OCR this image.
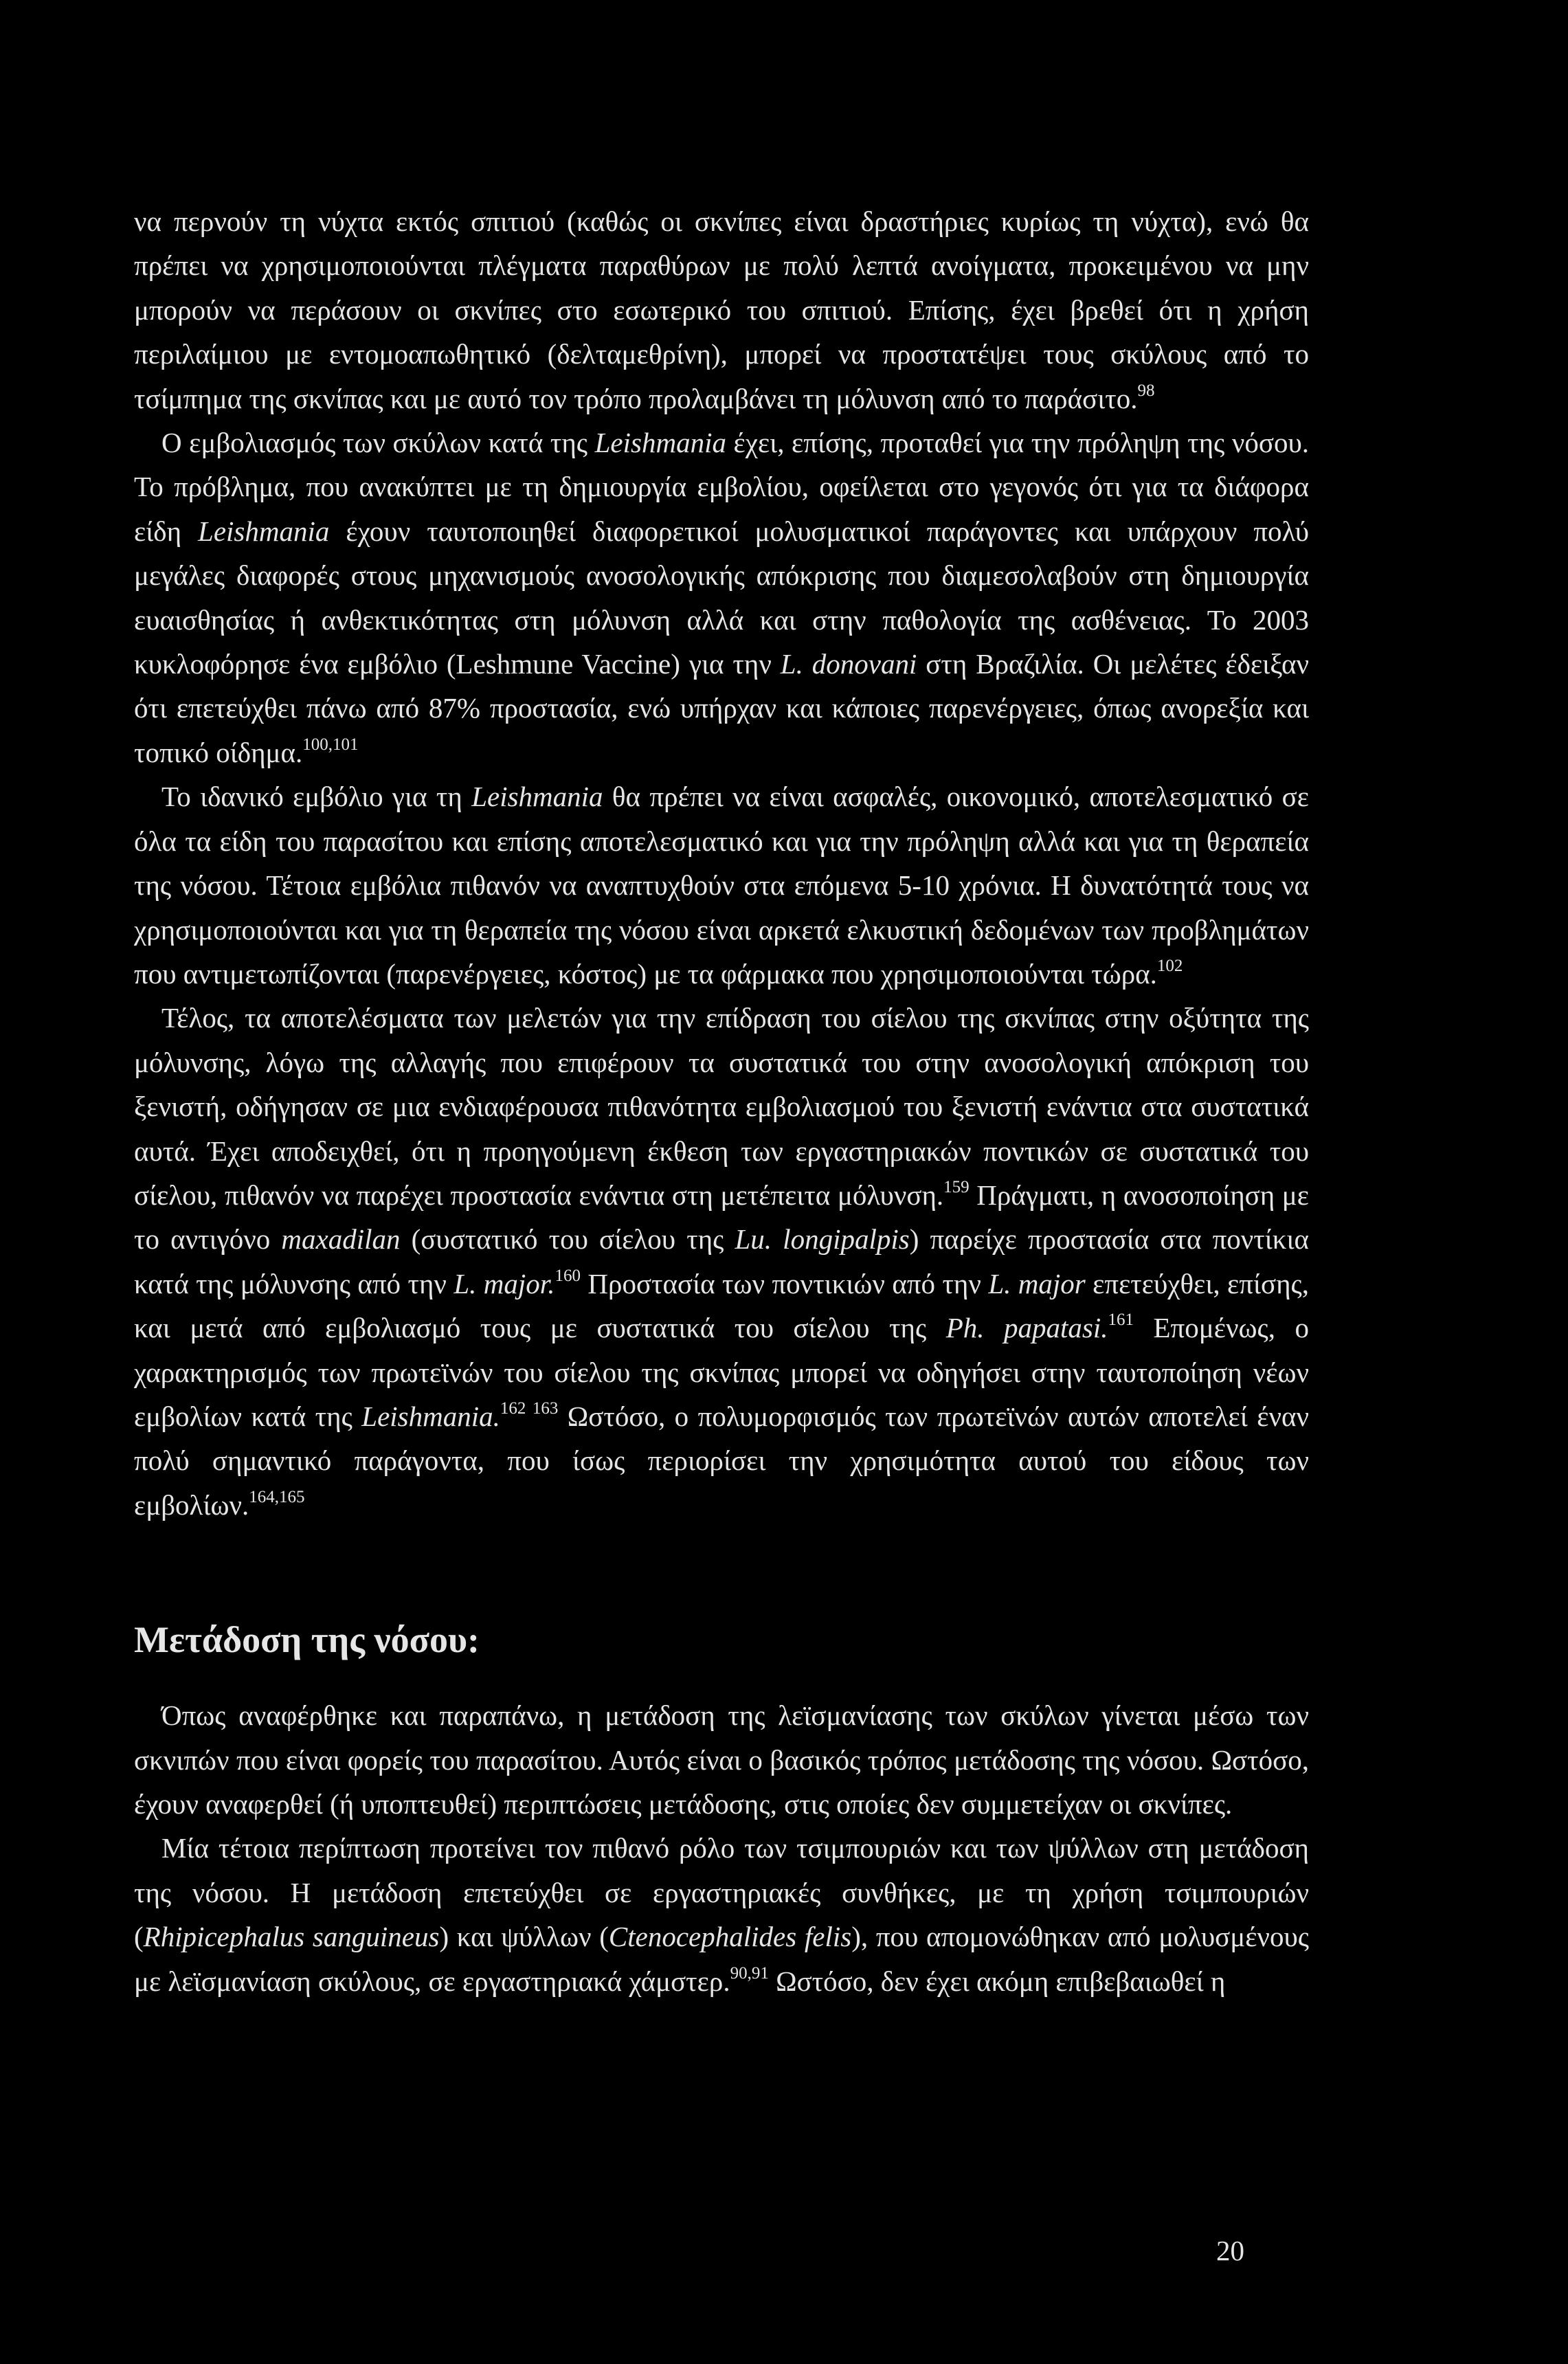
να περνούν τη νύχτα εκτός σπιτιού (καθώς οι σκνίπες είναι δραστήριες κυρίως τη νύχτα), ενώ θα πρέπει να χρησιμοποιούνται πλέγματα παραθύρων με πολύ λεπτά ανοίγματα, προκειμένου να μην μπορούν να περάσουν οι σκνίπες στο εσωτερικό του σπιτιού. Επίσης, έχει βρεθεί ότι η χρήση περιλαίμιου με εντομοαπωθητικό (δελταμεθρίνη), μπορεί να προστατέψει τους σκύλους από το τσίμπημα της σκνίπας και με αυτό τον τρόπο προλαμβάνει τη μόλυνση από το παράσιτο.$^{98}$

Ο εμβολιασμός των σκύλων κατά της Leishmania έχει, επίσης, προταθεί για την πρόληψη της νόσου. Το πρόβλημα, που ανακύπτει με τη δημιουργία εμβολίου, οφείλεται στο γεγονός ότι για τα διάφορα είδη Leishmania έχουν ταυτοποιηθεί διαφορετικοί μολυσματικοί παράγοντες και υπάρχουν πολύ μεγάλες διαφορές στους μηχανισμούς ανοσολογικής απόκρισης που διαμεσολαβούν στη δημιουργία ευαισθησίας ή ανθεκτικότητας στη μόλυνση αλλά και στην παθολογία της ασθένειας. Το 2003 κυκλοφόρησε ένα εμβόλιο (Leshmune Vaccine) για την L. donovani στη Βραζιλία. Οι μελέτες έδειξαν ότι επετεύχθει πάνω από 87% προστασία, ενώ υπήρχαν και κάποιες παρενέργειες, όπως ανορεξία και τοπικό οίδημα.$^{100,101}$

Το ιδανικό εμβόλιο για τη Leishmania θα πρέπει να είναι ασφαλές, οικονομικό, αποτελεσματικό σε όλα τα είδη του παρασίτου και επίσης αποτελεσματικό και για την πρόληψη αλλά και για τη θεραπεία της νόσου. Τέτοια εμβόλια πιθανόν να αναπτυχθούν στα επόμενα 5-10 χρόνια. Η δυνατότητά τους να χρησιμοποιούνται και για τη θεραπεία της νόσου είναι αρκετά ελκυστική δεδομένων των προβλημάτων που αντιμετωπίζονται (παρενέργειες, κόστος) με τα φάρμακα που χρησιμοποιούνται τώρα.$^{102}$

Τέλος, τα αποτελέσματα των μελετών για την επίδραση του σίελου της σκνίπας στην οξύτητα της μόλυνσης, λόγω της αλλαγής που επιφέρουν τα συστατικά του στην ανοσολογική απόκριση του ξενιστή, οδήγησαν σε μια ενδιαφέρουσα πιθανότητα εμβολιασμού του ξενιστή ενάντια στα συστατικά αυτά. Έχει αποδειχθεί, ότι η προηγούμενη έκθεση των εργαστηριακών ποντικών σε συστατικά του σίελου, πιθανόν να παρέχει προστασία ενάντια στη μετέπειτα μόλυνση.$^{159}$ Πράγματι, η ανοσοποίηση με το αντιγόνο maxadilan (συστατικό του σίελου της Lu. longipalpis) παρείχε προστασία στα ποντίκια κατά της μόλυνσης από την L. major.$^{160}$ Προστασία των ποντικιών από την L. major επετεύχθει, επίσης, και μετά από εμβολιασμό τους με συστατικά του σίελου της Ph. papatasi.$^{161}$ Επομένως, ο χαρακτηρισμός των πρωτεϊνών του σίελου της σκνίπας μπορεί να οδηγήσει στην ταυτοποίηση νέων εμβολίων κατά της Leishmania.$^{162 163}$ Ωστόσο, ο πολυμορφισμός των πρωτεϊνών αυτών αποτελεί έναν πολύ σημαντικό παράγοντα, που ίσως περιορίσει την χρησιμότητα αυτού του είδους των εμβολίων.$^{164,165}$

Μετάδοση της νόσου:

Όπως αναφέρθηκε και παραπάνω, η μετάδοση της λεϊσμανίασης των σκύλων γίνεται μέσω των σκνιπών που είναι φορείς του παρασίτου. Αυτός είναι ο βασικός τρόπος μετάδοσης της νόσου. Ωστόσο, έχουν αναφερθεί (ή υποπτευθεί) περιπτώσεις μετάδοσης, στις οποίες δεν συμμετείχαν οι σκνίπες.

Μία τέτοια περίπτωση προτείνει τον πιθανό ρόλο των τσιμπουριών και των ψύλλων στη μετάδοση της νόσου. Η μετάδοση επετεύχθει σε εργαστηριακές συνθήκες, με τη χρήση τσιμπουριών (Rhipicephalus sanguineus) και ψύλλων (Ctenocephalides felis), που απομονώθηκαν από μολυσμένους με λεϊσμανίαση σκύλους, σε εργαστηριακά χάμστερ.$^{90,91}$ Ωστόσο, δεν έχει ακόμη επιβεβαιωθεί η

20
